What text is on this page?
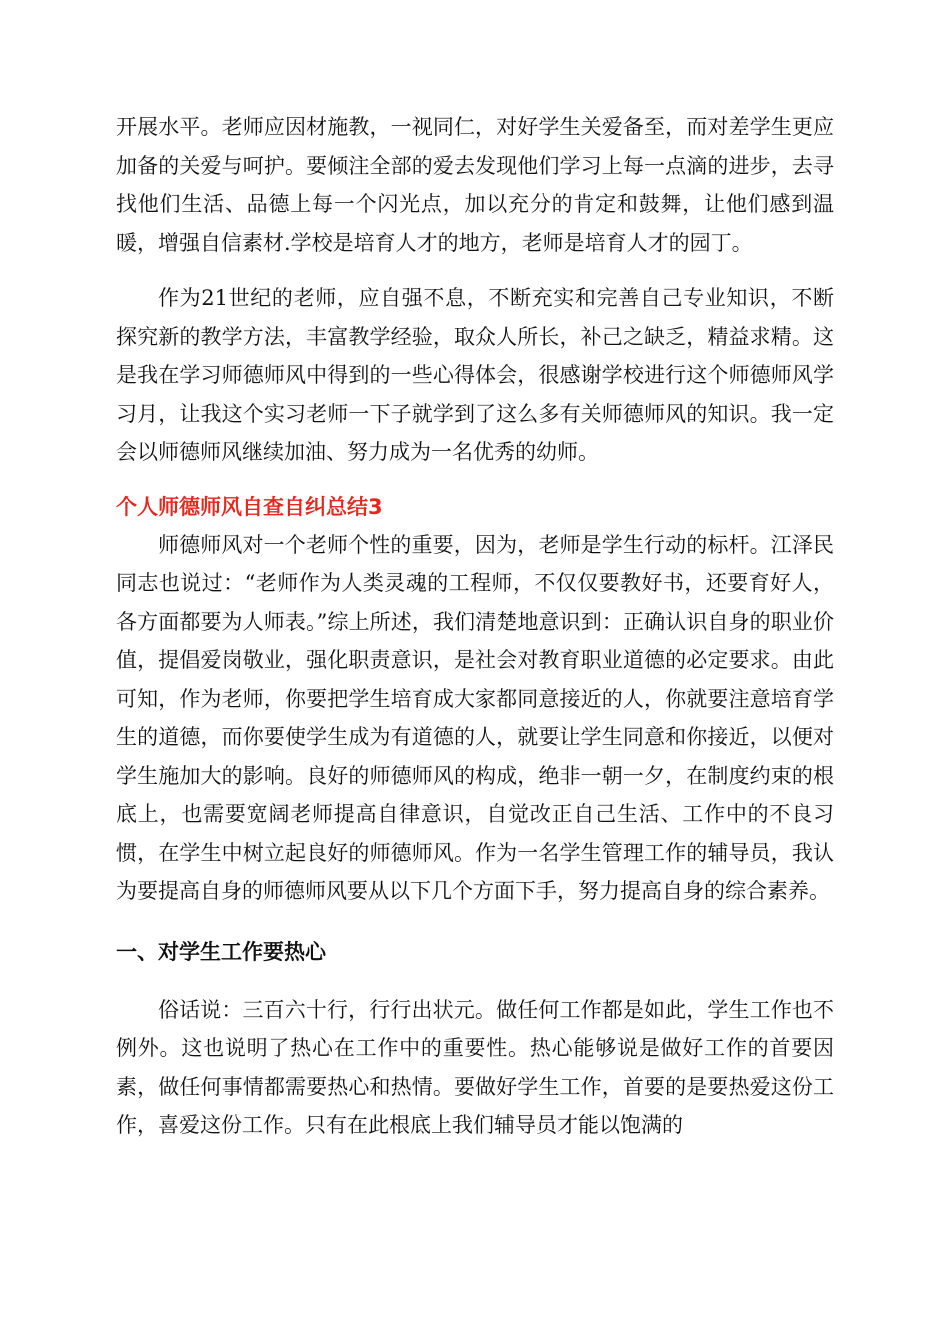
开展水平。老师应因材施教，一视同仁，对好学生关爱备至，而对差学生更应加备的关爱与呵护。要倾注全部的爱去发现他们学习上每一点滴的进步，去寻找他们生活、品德上每一个闪光点，加以充分的肯定和鼓舞，让他们感到温暖，增强自信素材.学校是培育人才的地方，老师是培育人才的园丁。

作为21世纪的老师，应自强不息，不断充实和完善自己专业知识，不断探究新的教学方法，丰富教学经验，取众人所长，补己之缺乏，精益求精。这是我在学习师德师风中得到的一些心得体会，很感谢学校进行这个师德师风学习月，让我这个实习老师一下子就学到了这么多有关师德师风的知识。我一定会以师德师风继续加油、努力成为一名优秀的幼师。

个人师德师风自查自纠总结3

师德师风对一个老师个性的重要，因为，老师是学生行动的标杆。江泽民同志也说过：“老师作为人类灵魂的工程师，不仅仅要教好书，还要育好人，各方面都要为人师表。”综上所述，我们清楚地意识到：正确认识自身的职业价值，提倡爱岗敬业，强化职责意识，是社会对教育职业道德的必定要求。由此可知，作为老师，你要把学生培育成大家都同意接近的人，你就要注意培育学生的道德，而你要使学生成为有道德的人，就要让学生同意和你接近，以便对学生施加大的影响。良好的师德师风的构成，绝非一朝一夕，在制度约束的根底上，也需要宽阔老师提高自律意识，自觉改正自己生活、工作中的不良习惯，在学生中树立起良好的师德师风。作为一名学生管理工作的辅导员，我认为要提高自身的师德师风要从以下几个方面下手，努力提高自身的综合素养。

一、对学生工作要热心

俗话说：三百六十行，行行出状元。做任何工作都是如此，学生工作也不例外。这也说明了热心在工作中的重要性。热心能够说是做好工作的首要因素，做任何事情都需要热心和热情。要做好学生工作，首要的是要热爱这份工作，喜爱这份工作。只有在此根底上我们辅导员才能以饱满的
